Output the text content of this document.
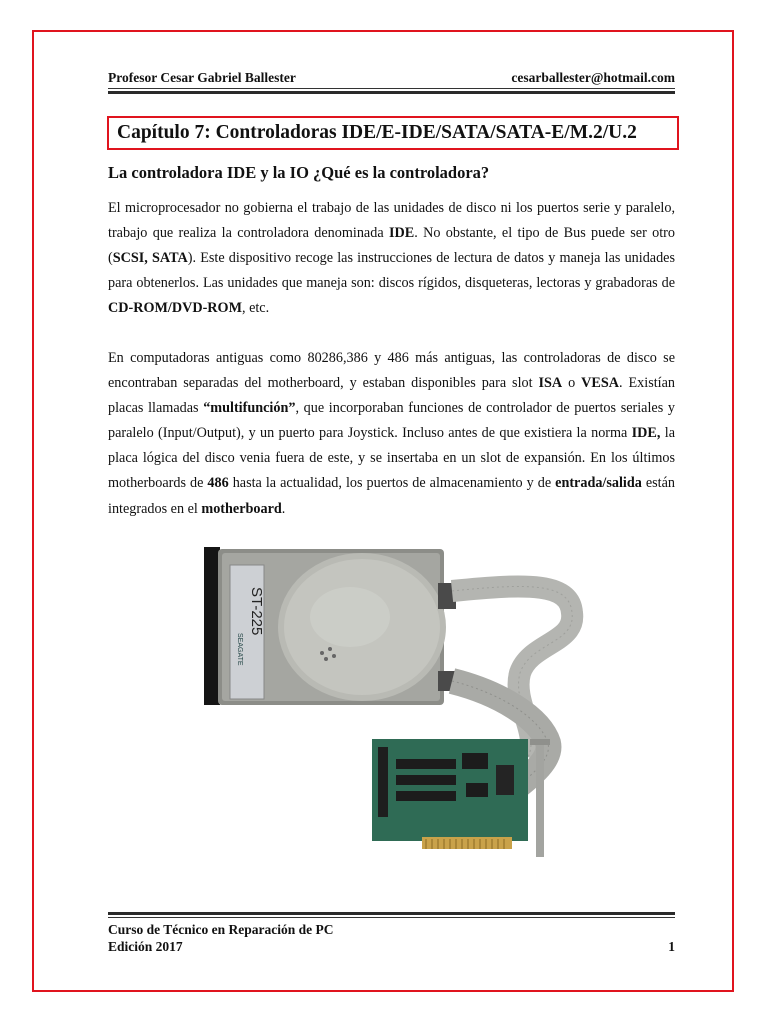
Profesor Cesar Gabriel Ballester	cesarballester@hotmail.com
Capítulo 7: Controladoras IDE/E-IDE/SATA/SATA-E/M.2/U.2
La controladora IDE y la IO ¿Qué es la controladora?

El microprocesador no gobierna el trabajo de las unidades de disco ni los puertos serie y paralelo, trabajo que realiza la controladora denominada IDE. No obstante, el tipo de Bus puede ser otro (SCSI, SATA). Este dispositivo recoge las instrucciones de lectura de datos y maneja las unidades para obtenerlos. Las unidades que maneja son: discos rígidos, disqueteras, lectoras y grabadoras de CD-ROM/DVD-ROM, etc.

En computadoras antiguas como 80286,386 y 486 más antiguas, las controladoras de disco se encontraban separadas del motherboard, y estaban disponibles para slot ISA o VESA. Existían placas llamadas “multifunción”, que incorporaban funciones de controlador de puertos seriales y paralelo (Input/Output), y un puerto para Joystick. Incluso antes de que existiera la norma IDE, la placa lógica del disco venia fuera de este, y se insertaba en un slot de expansión. En los últimos motherboards de 486 hasta la actualidad, los puertos de almacenamiento y de entrada/salida están integrados en el motherboard.

ST-225
SEAGATE
Curso de Técnico en Reparación de PC
Edición 2017	1
